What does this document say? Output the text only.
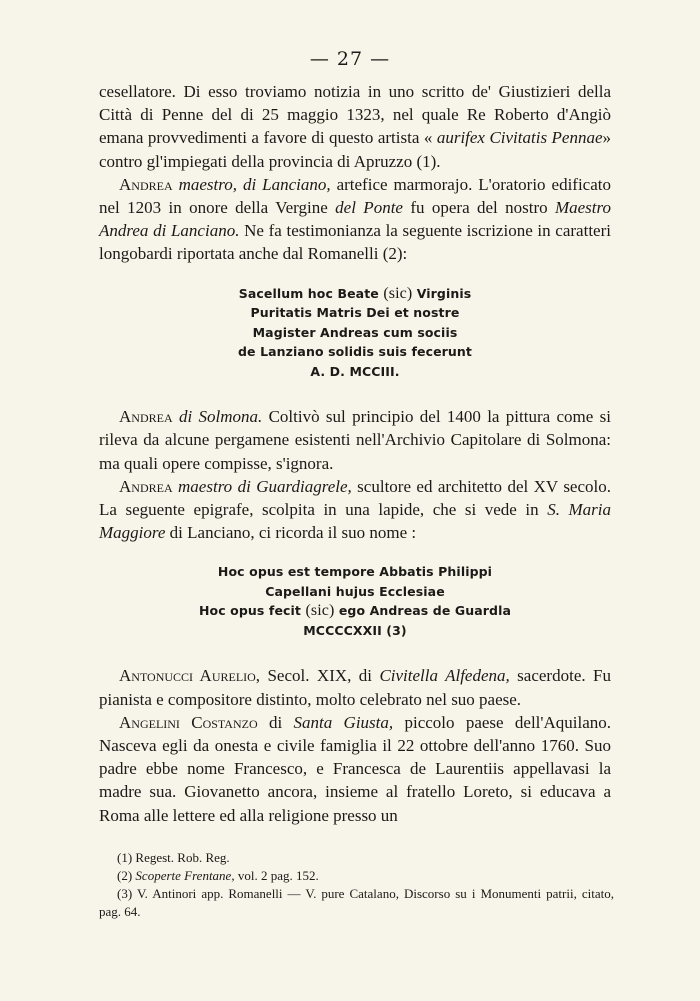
— 27 —

cesellatore. Di esso troviamo notizia in uno scritto de' Giustizieri della Città di Penne del di 25 maggio 1323, nel quale Re Roberto d'Angiò emana provvedimenti a favore di questo artista « aurifex Civitatis Pennae» contro gl'impiegati della provincia di Apruzzo (1).

Andrea maestro, di Lanciano, artefice marmorajo. L'oratorio edificato nel 1203 in onore della Vergine del Ponte fu opera del nostro Maestro Andrea di Lanciano. Ne fa testimonianza la seguente iscrizione in caratteri longobardi riportata anche dal Romanelli (2):

Sacellum hoc Beate (sic) Virginis
Puritatis Matris Dei et nostre
Magister Andreas cum sociis
de Lanziano solidis suis fecerunt
A. D. MCCIII.

Andrea di Solmona. Coltivò sul principio del 1400 la pittura come si rileva da alcune pergamene esistenti nell'Archivio Capitolare di Solmona: ma quali opere compisse, s'ignora.

Andrea maestro di Guardiagrele, scultore ed architetto del XV secolo. La seguente epigrafe, scolpita in una lapide, che si vede in S. Maria Maggiore di Lanciano, ci ricorda il suo nome :

Hoc opus est tempore Abbatis Philippi
Capellani hujus Ecclesiae
Hoc opus fecit (sic) ego Andreas de Guardla
MCCCCXXII (3)

Antonucci Aurelio, Secol. XIX, di Civitella Alfedena, sacerdote. Fu pianista e compositore distinto, molto celebrato nel suo paese.

Angelini Costanzo di Santa Giusta, piccolo paese dell'Aquilano. Nasceva egli da onesta e civile famiglia il 22 ottobre dell'anno 1760. Suo padre ebbe nome Francesco, e Francesca de Laurentiis appellavasi la madre sua. Giovanetto ancora, insieme al fratello Loreto, si educava a Roma alle lettere ed alla religione presso un

(1) Regest. Rob. Reg.

(2) Scoperte Frentane, vol. 2 pag. 152.

(3) V. Antinori app. Romanelli — V. pure Catalano, Discorso su i Monumenti patrii, citato, pag. 64.
